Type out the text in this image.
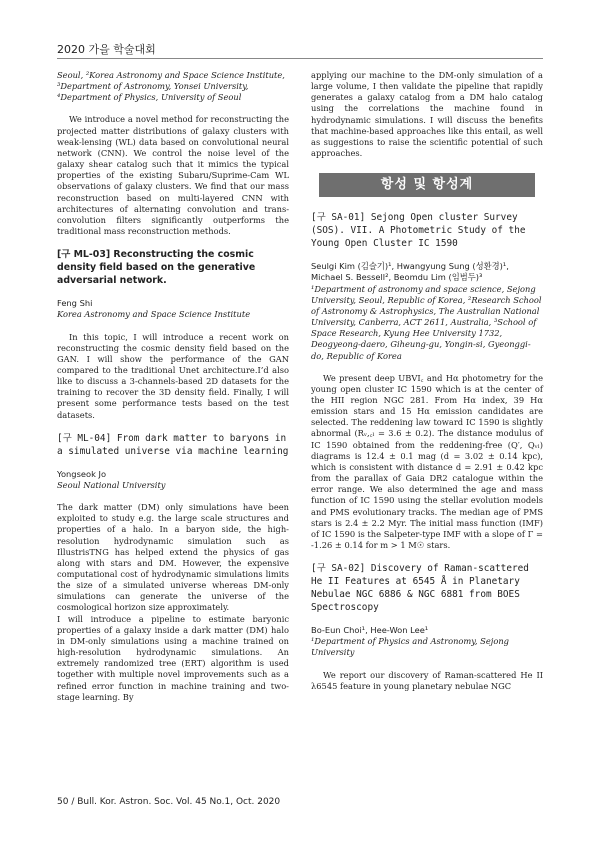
2020 가을 학술대회

Seoul, ²Korea Astronomy and Space Science Institute, ³Department of Astronomy, Yonsei University, ⁴Department of Physics, University of Seoul

We introduce a novel method for reconstructing the projected matter distributions of galaxy clusters with weak-lensing (WL) data based on convolutional neural network (CNN). We control the noise level of the galaxy shear catalog such that it mimics the typical properties of the existing Subaru/Suprime-Cam WL observations of galaxy clusters. We find that our mass reconstruction based on multi-layered CNN with architectures of alternating convolution and trans-convolution filters significantly outperforms the traditional mass reconstruction methods.

[구 ML-03] Reconstructing the cosmic density field based on the generative adversarial network.

Feng Shi

Korea Astronomy and Space Science Institute

In this topic, I will introduce a recent work on reconstructing the cosmic density field based on the GAN. I will show the performance of the GAN compared to the traditional Unet architecture.I’d also like to discuss a 3-channels-based 2D datasets for the training to recover the 3D density field. Finally, I will present some performance tests based on the test datasets.

[구 ML-04] From dark matter to baryons in a simulated universe via machine learning

Yongseok Jo

Seoul National University

The dark matter (DM) only simulations have been exploited to study e.g. the large scale structures and properties of a halo. In a baryon side, the high-resolution hydrodynamic simulation such as IllustrisTNG has helped extend the physics of gas along with stars and DM. However, the expensive computational cost of hydrodynamic simulations limits the size of a simulated universe whereas DM-only simulations can generate the universe of the cosmological horizon size approximately.

I will introduce a pipeline to estimate baryonic properties of a galaxy inside a dark matter (DM) halo in DM-only simulations using a machine trained on high-resolution hydrodynamic simulations. An extremely randomized tree (ERT) algorithm is used together with multiple novel improvements such as a refined error function in machine training and two-stage learning. By

applying our machine to the DM-only simulation of a large volume, I then validate the pipeline that rapidly generates a galaxy catalog from a DM halo catalog using the correlations the machine found in hydrodynamic simulations. I will discuss the benefits that machine-based approaches like this entail, as well as suggestions to raise the scientific potential of such approaches.

항성 및 항성계

[구 SA-01] Sejong Open cluster Survey (SOS). VII. A Photometric Study of the Young Open Cluster IC 1590

Seulgi Kim (김슬기)¹, Hwangyung Sung (성환경)¹,

Michael S. Bessell², Beomdu Lim (임범두)³

¹Department of astronomy and space science, Sejong University, Seoul, Republic of Korea, ²Research School of Astronomy & Astrophysics, The Australian National University, Canberra, ACT 2611, Australia, ³School of Space Research, Kyung Hee University 1732, Deogyeong-daero, Giheung-gu, Yongin-si, Gyeonggi-do, Republic of Korea

We present deep UBVI꜀ and Hα photometry for the young open cluster IC 1590 which is at the center of the HII region NGC 281. From Hα index, 39 Hα emission stars and 15 Hα emission candidates are selected. The reddening law toward IC 1590 is slightly abnormal (Rᵥ,꜀ₗ = 3.6 ± 0.2). The distance modulus of IC 1590 obtained from the reddening-free (Q′, Qᵥₗ) diagrams is 12.4 ± 0.1 mag (d = 3.02 ± 0.14 kpc), which is consistent with distance d = 2.91 ± 0.42 kpc from the parallax of Gaia DR2 catalogue within the error range. We also determined the age and mass function of IC 1590 using the stellar evolution models and PMS evolutionary tracks. The median age of PMS stars is 2.4 ± 2.2 Myr. The initial mass function (IMF) of IC 1590 is the Salpeter-type IMF with a slope of Γ = -1.26 ± 0.14 for m > 1 M☉ stars.

[구 SA-02] Discovery of Raman-scattered He II Features at 6545 Å in Planetary Nebulae NGC 6886 & NGC 6881 from BOES Spectroscopy

Bo-Eun Choi¹, Hee-Won Lee¹

¹Department of Physics and Astronomy, Sejong University

We report our discovery of Raman-scattered He II λ6545 feature in young planetary nebulae NGC

50 / Bull. Kor. Astron. Soc. Vol. 45 No.1, Oct. 2020
